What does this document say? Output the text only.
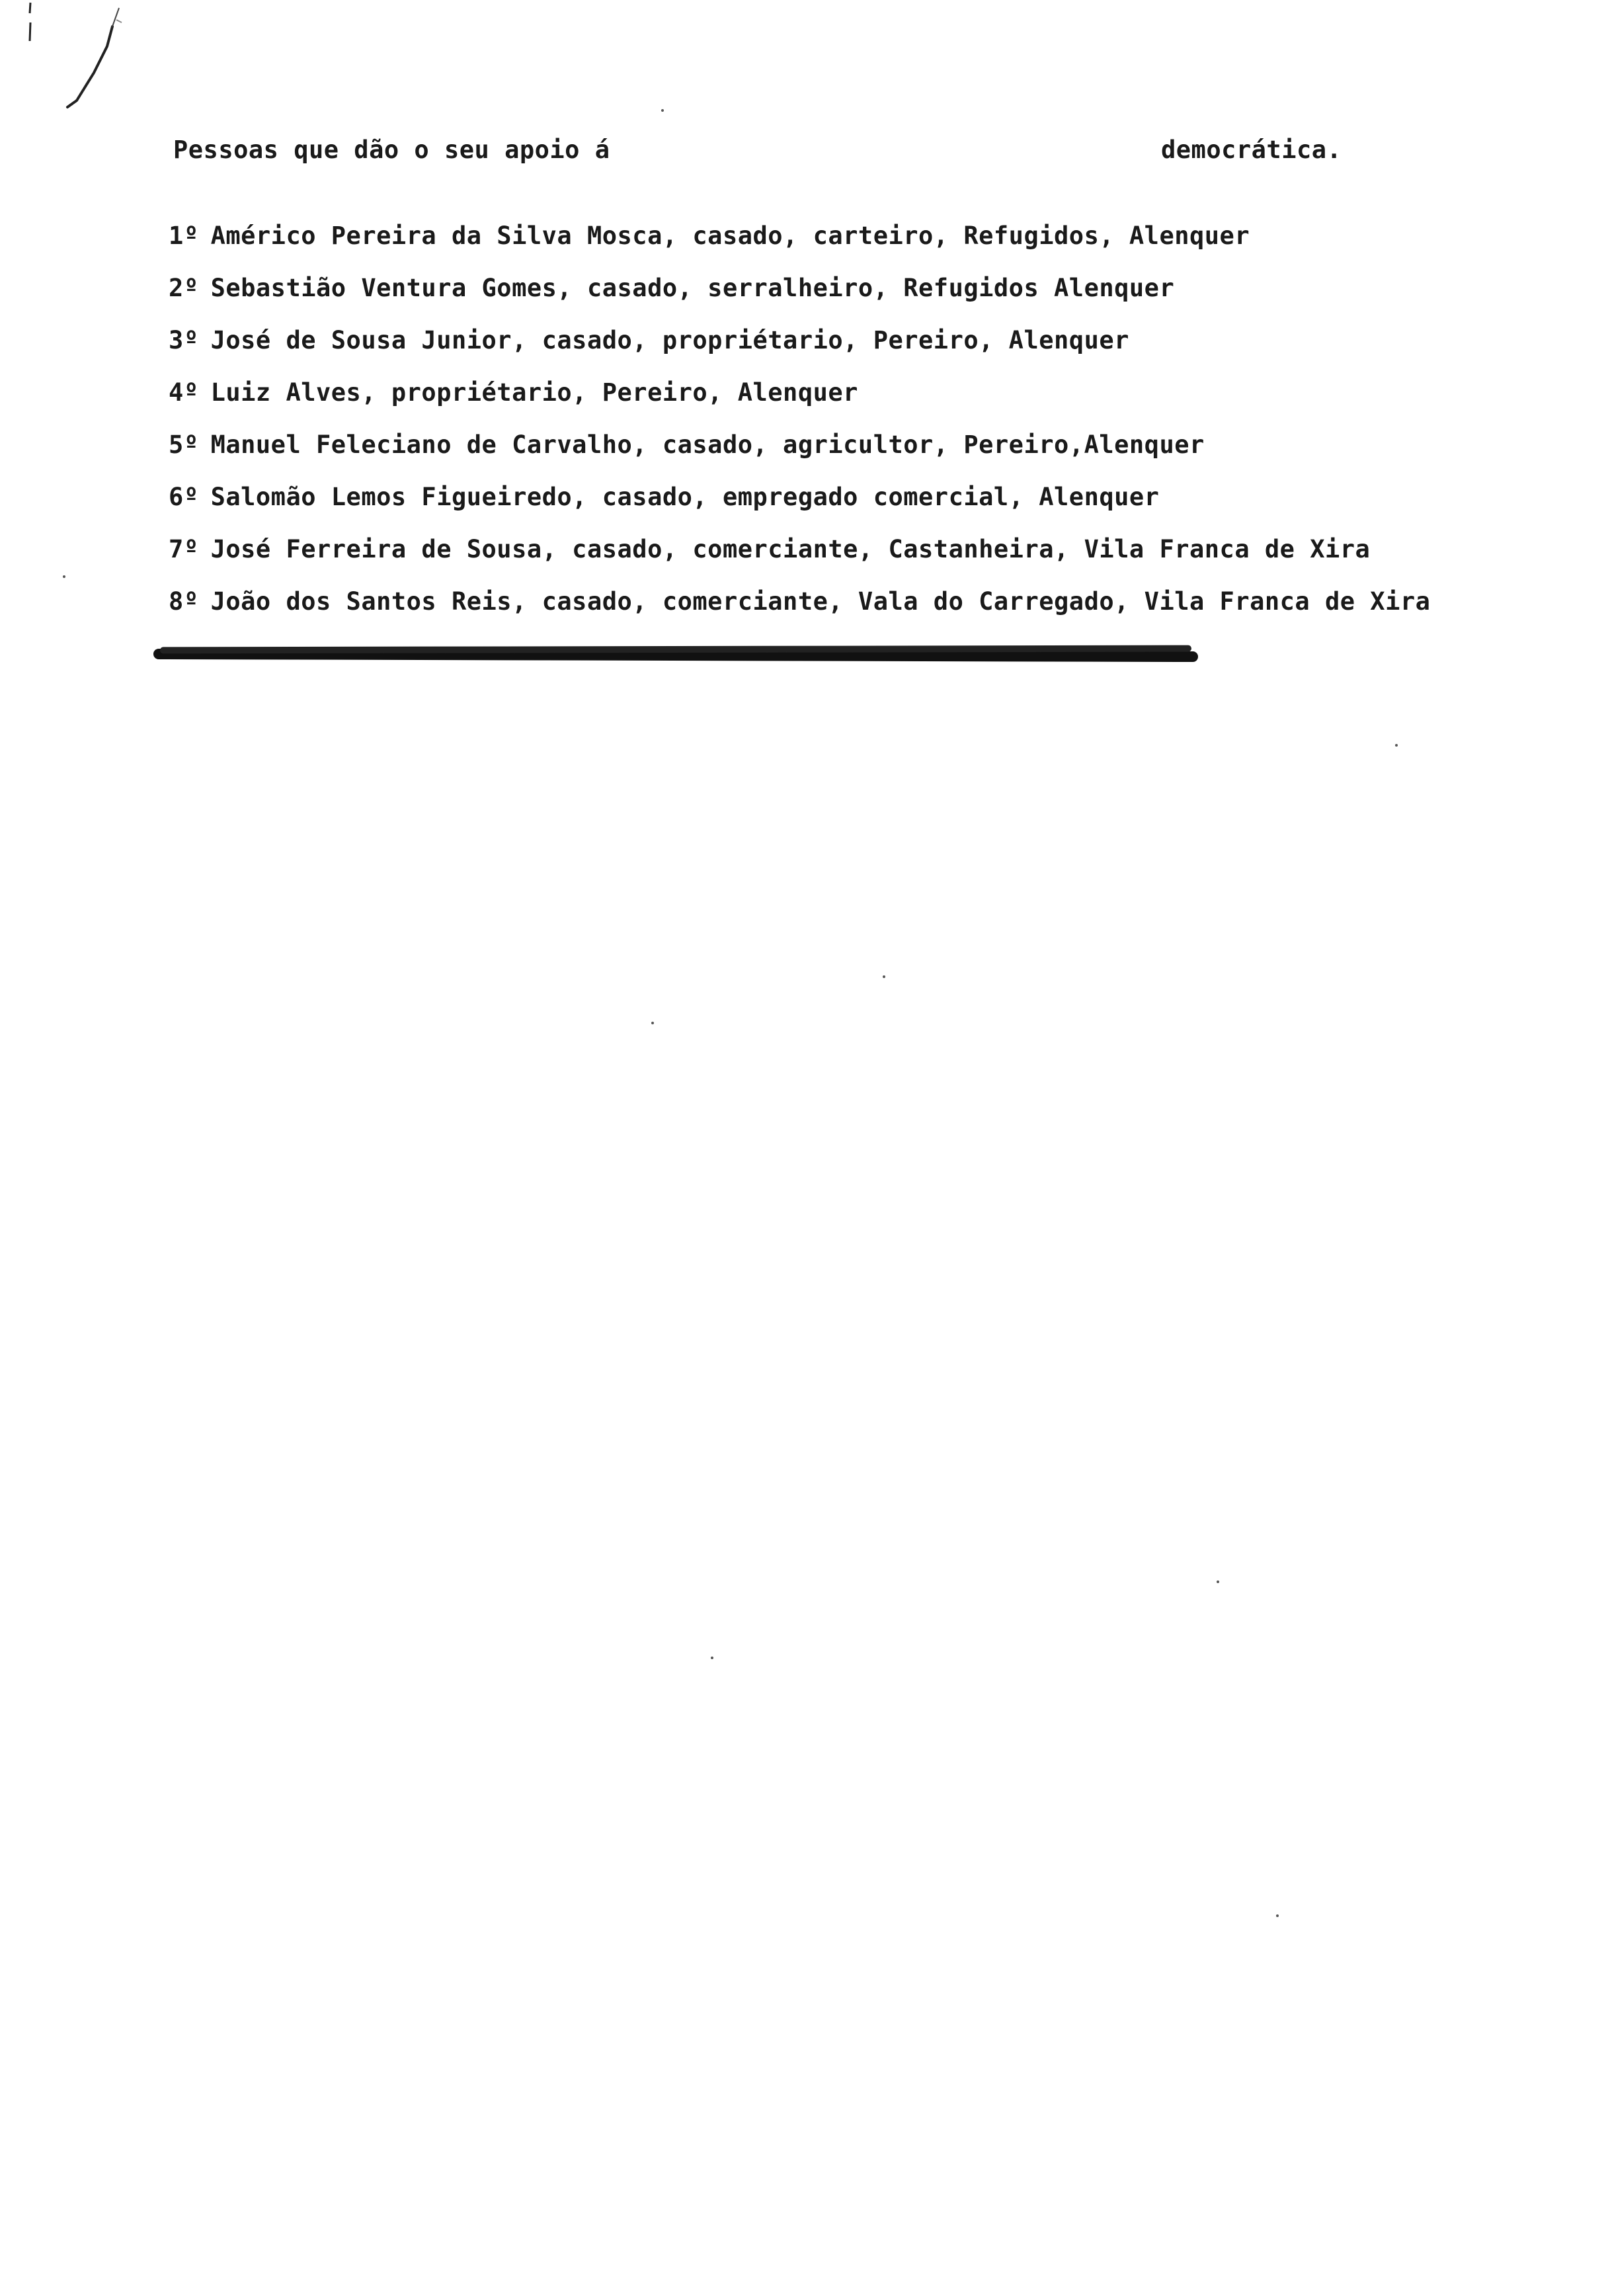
Pessoas que dão o seu apoio á	democrática.
1º Américo Pereira da Silva Mosca, casado, carteiro, Refugidos, Alenquer
2º Sebastião Ventura Gomes, casado, serralheiro, Refugidos Alenquer
3º José de Sousa Junior, casado, propriétario, Pereiro, Alenquer
4º Luiz Alves, propriétario, Pereiro, Alenquer
5º Manuel Feleciano de Carvalho, casado, agricultor, Pereiro,Alenquer
6º Salomão Lemos Figueiredo, casado, empregado comercial, Alenquer
7º José Ferreira de Sousa, casado, comerciante, Castanheira, Vila Franca de Xira
8º João dos Santos Reis, casado, comerciante, Vala do Carregado, Vila Franca de Xira
